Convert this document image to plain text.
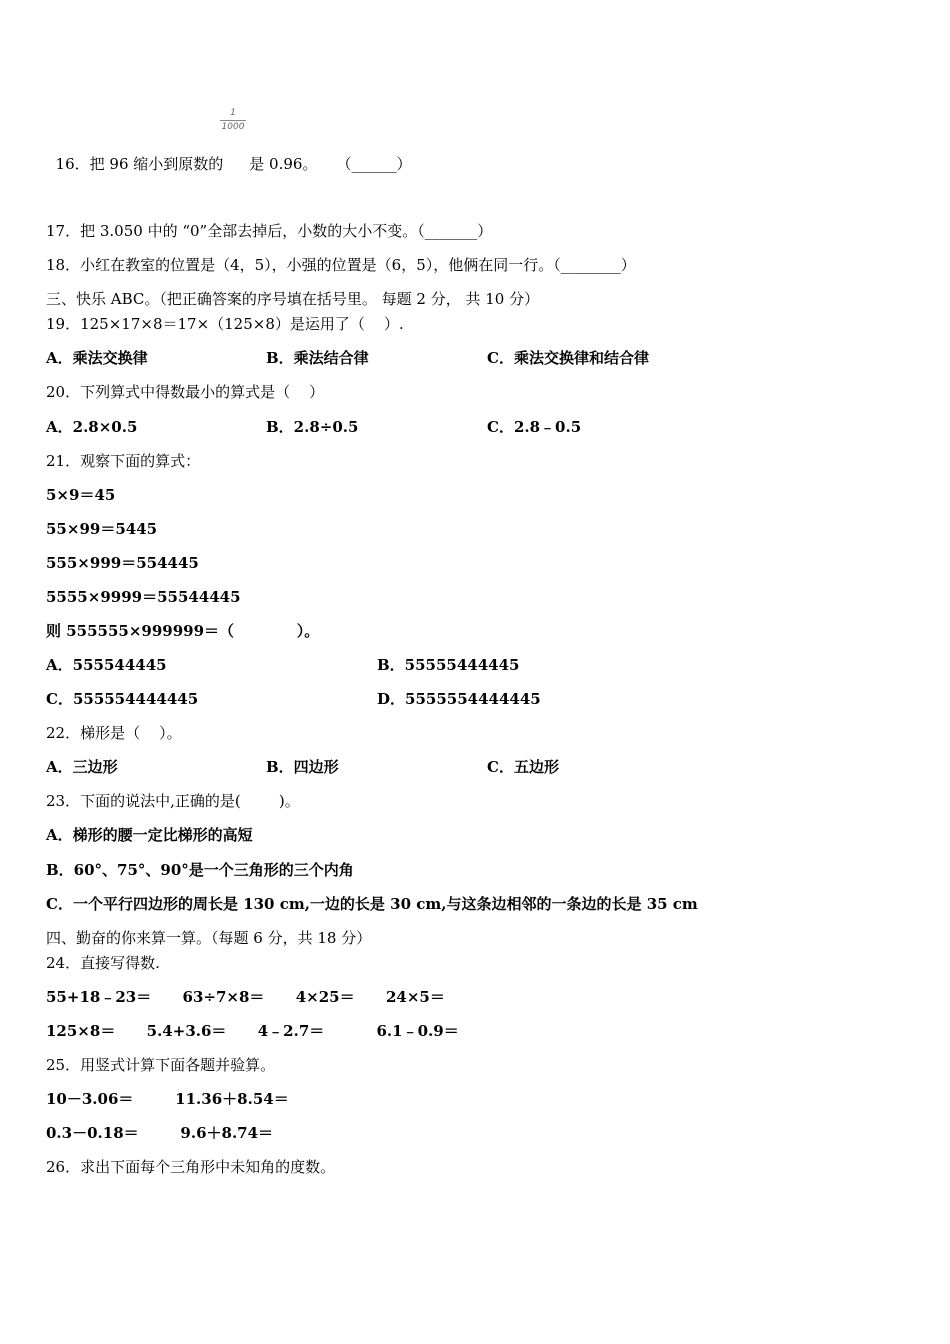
16．把 96 缩小到原数的 是 0.96。    （______）

1
1000
17．把 3.050 中的 “0”全部去掉后，小数的大小不变。（_______）
18．小红在教室的位置是（4，5），小强的位置是（6，5），他俩在同一行。（________）
三、快乐 ABC。（把正确答案的序号填在括号里。 每题 2 分， 共 10 分）
19．125×17×8＝17×（125×8）是运用了（    ）.
A．乘法交换律	B．乘法结合律	C．乘法交换律和结合律
20．下列算式中得数最小的算式是（    ）
A．2.8×0.5	B．2.8÷0.5	C．2.8﹣0.5
21．观察下面的算式：
5×9＝45
55×99＝5445
555×999＝554445
5555×9999＝55544445
则 555555×999999＝（            ）。
A．555544445	B．55555444445
C．555554444445	D．5555554444445
22．梯形是（    ）。
A．三边形	B．四边形	C．五边形
23．下面的说法中,正确的是(        )。
A．梯形的腰一定比梯形的高短
B．60°、75°、90°是一个三角形的三个内角
C．一个平行四边形的周长是 130 cm,一边的长是 30 cm,与这条边相邻的一条边的长是 35 cm
四、勤奋的你来算一算。（每题 6 分，共 18 分）
24．直接写得数.
55+18﹣23＝      63÷7×8＝      4×25＝      24×5＝
125×8＝      5.4+3.6＝      4﹣2.7＝          6.1﹣0.9＝
25．用竖式计算下面各题并验算。
10－3.06＝        11.36＋8.54＝
0.3－0.18＝        9.6＋8.74＝
26．求出下面每个三角形中未知角的度数。
